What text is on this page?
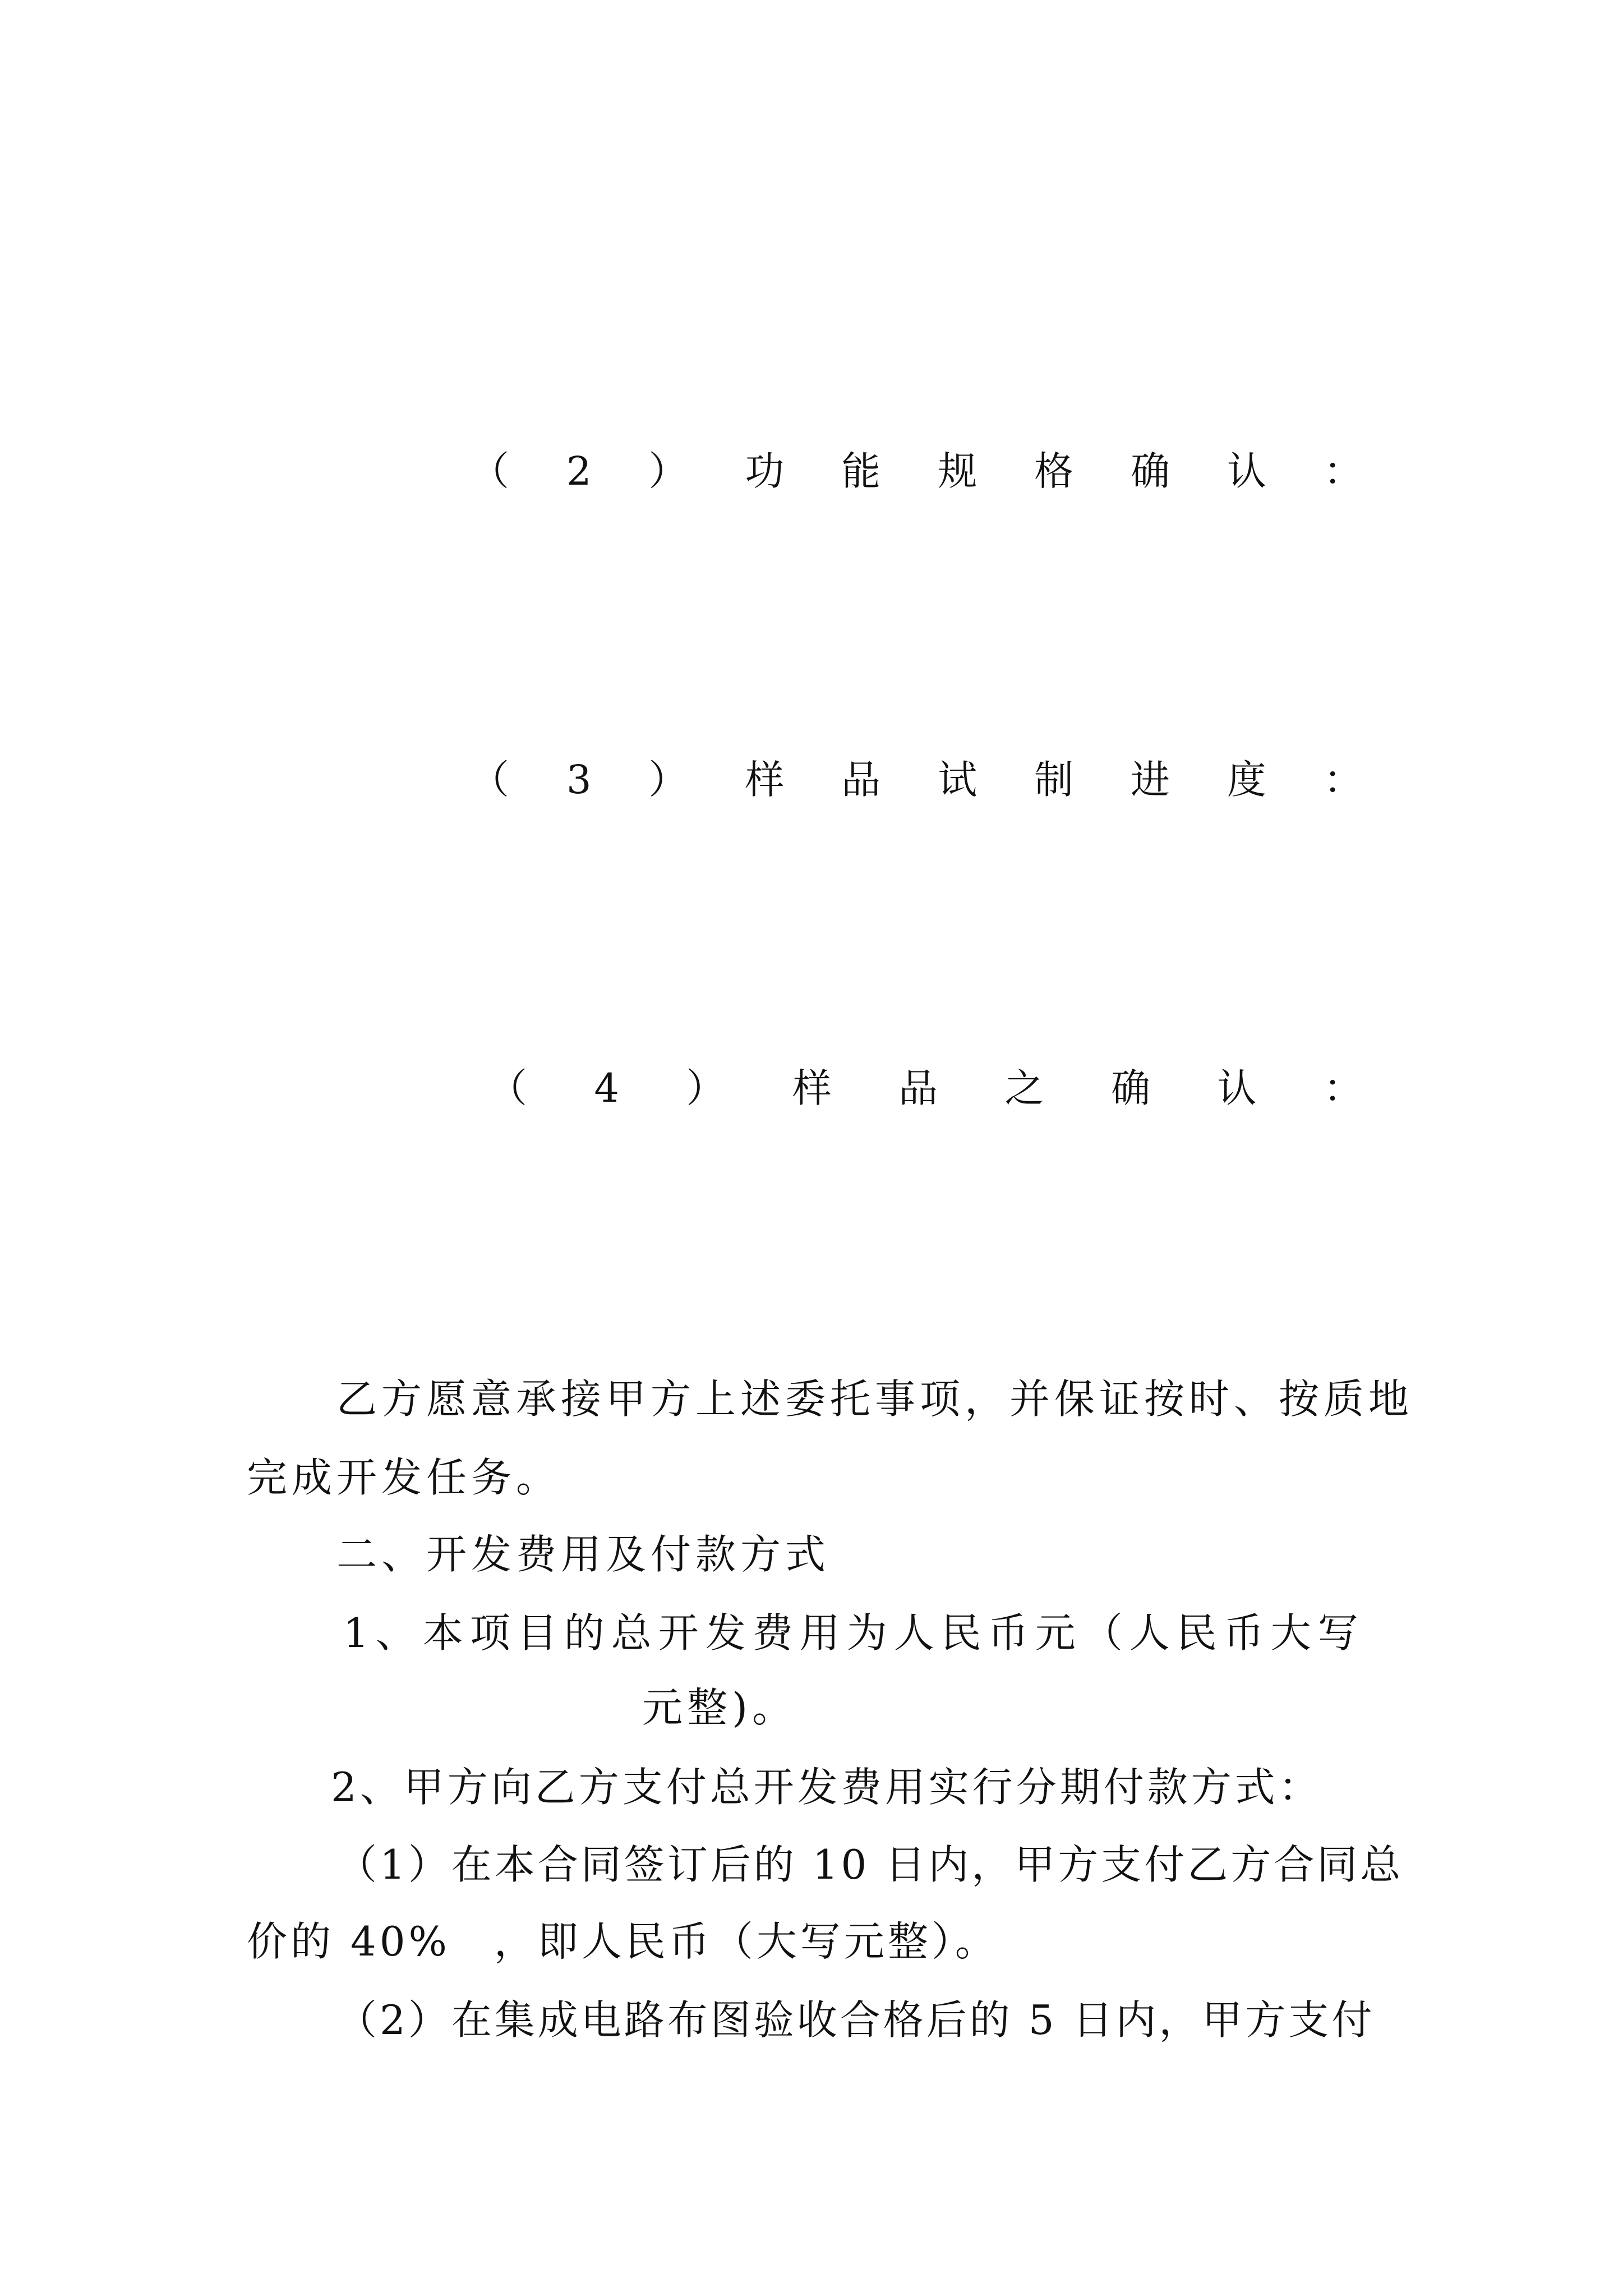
（ 2 ） 功 能 规 格 确 认 ：
（ 3 ） 样 品 试 制 进 度 ：
（ 4 ） 样 品 之 确 认 ：
乙方愿意承接甲方上述委托事项，并保证按时、按质地
完成开发任务。
二、开发费用及付款方式
1、本项目的总开发费用为人民币元（人民币大写
元整)。
2、甲方向乙方支付总开发费用实行分期付款方式：
（1）在本合同签订后的 10 日内，甲方支付乙方合同总
价的 40%　，即人民币（大写元整）。
（2）在集成电路布图验收合格后的 5 日内，甲方支付
